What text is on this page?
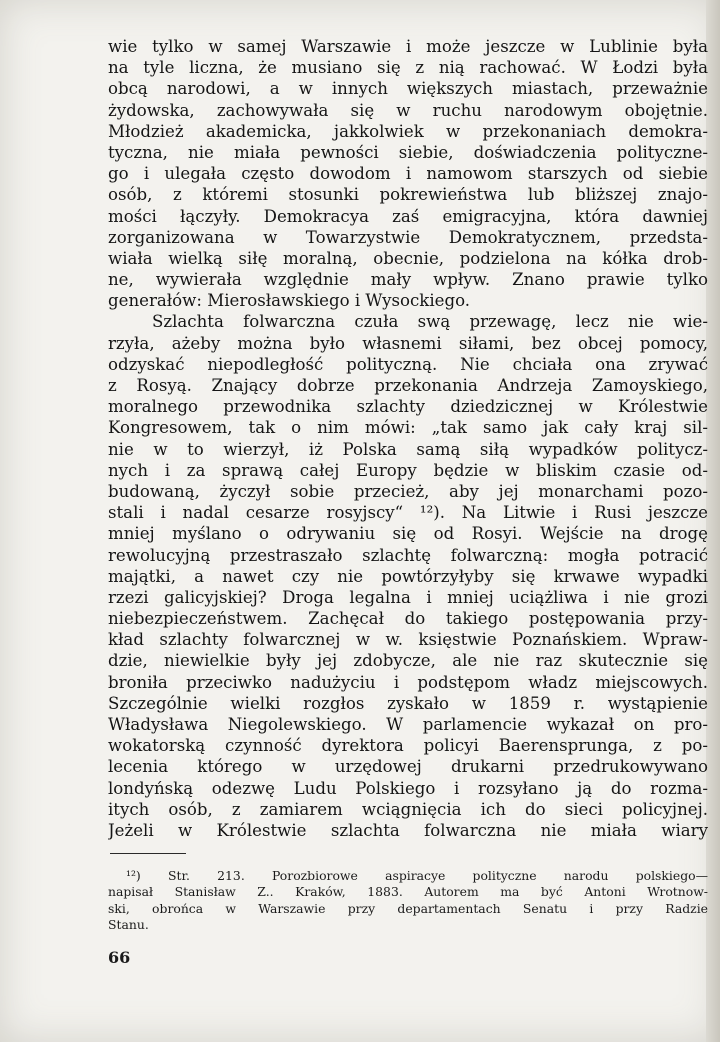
wie tylko w samej Warszawie i może jeszcze w Lublinie była
na tyle liczna, że musiano się z nią rachować. W Łodzi była
obcą narodowi, a w innych większych miastach, przeważnie
żydowska, zachowywała się w ruchu narodowym obojętnie.
Młodzież akademicka, jakkolwiek w przekonaniach demokra-
tyczna, nie miała pewności siebie, doświadczenia politycznе-
go i ulegała często dowodom i namowom starszych od siebie
osób, z któremi stosunki pokrewieństwa lub bliższej znajo-
mości łączyły. Demokracya zaś emigracyjna, która dawniej
zorganizowana w Towarzystwie Demokratycznem, przedsta-
wiała wielką siłę moralną, obecnie, podzielona na kółka drob-
ne, wywierała względnie mały wpływ. Znano prawie tylko
generałów: Mierosławskiego i Wysockiego.
Szlachta folwarczna czuła swą przewagę, lecz nie wie-
rzyła, ażeby można było własnemi siłami, bez obcej pomocy,
odzyskać niepodległość polityczną. Nie chciała ona zrywać
z Rosyą. Znający dobrze przekonania Andrzeja Zamoyskiego,
moralnego przewodnika szlachty dziedzicznej w Królestwie
Kongresowem, tak o nim mówi: „tak samo jak cały kraj sil-
nie w to wierzył, iż Polska samą siłą wypadków politycz-
nych i za sprawą całej Europy będzie w bliskim czasie od-
budowaną, życzył sobie przecież, aby jej monarchami pozo-
stali i nadal cesarze rosyjscy“ ¹²). Na Litwie i Rusi jeszcze
mniej myślano o odrywaniu się od Rosyi. Wejście na drogę
rewolucyjną przestraszało szlachtę folwarczną: mogła potracić
majątki, a nawet czy nie powtórzyłyby się krwawe wypadki
rzezi galicyjskiej? Droga legalna i mniej uciążliwa i nie grozi
niebezpieczeństwem. Zachęcał do takiego postępowania przy-
kład szlachty folwarcznej w w. księstwie Poznańskiem. Wpraw-
dzie, niewielkie były jej zdobycze, ale nie raz skutecznie się
broniła przeciwko nadużyciu i podstępom władz miejscowych.
Szczególnie wielki rozgłos zyskało w 1859 r. wystąpienie
Władysława Niegolewskiego. W parlamencie wykazał on pro-
wokatorską czynność dyrektora policyi Baerensprunga, z po-
lecenia którego w urzędowej drukarni przedrukowywano
londyńską odezwę Ludu Polskiego i rozsyłano ją do rozma-
itych osób, z zamiarem wciągnięcia ich do sieci policyjnej.
Jeżeli w Królestwie szlachta folwarczna nie miała wiary
¹²) Str. 213. Porozbiorowe aspiracye polityczne narodu polskiego—
napisał Stanisław Z.. Kraków, 1883. Autorem ma być Antoni Wrotnow-
ski, obrońca w Warszawie przy departamentach Senatu i przy Radzie
Stanu.
66
